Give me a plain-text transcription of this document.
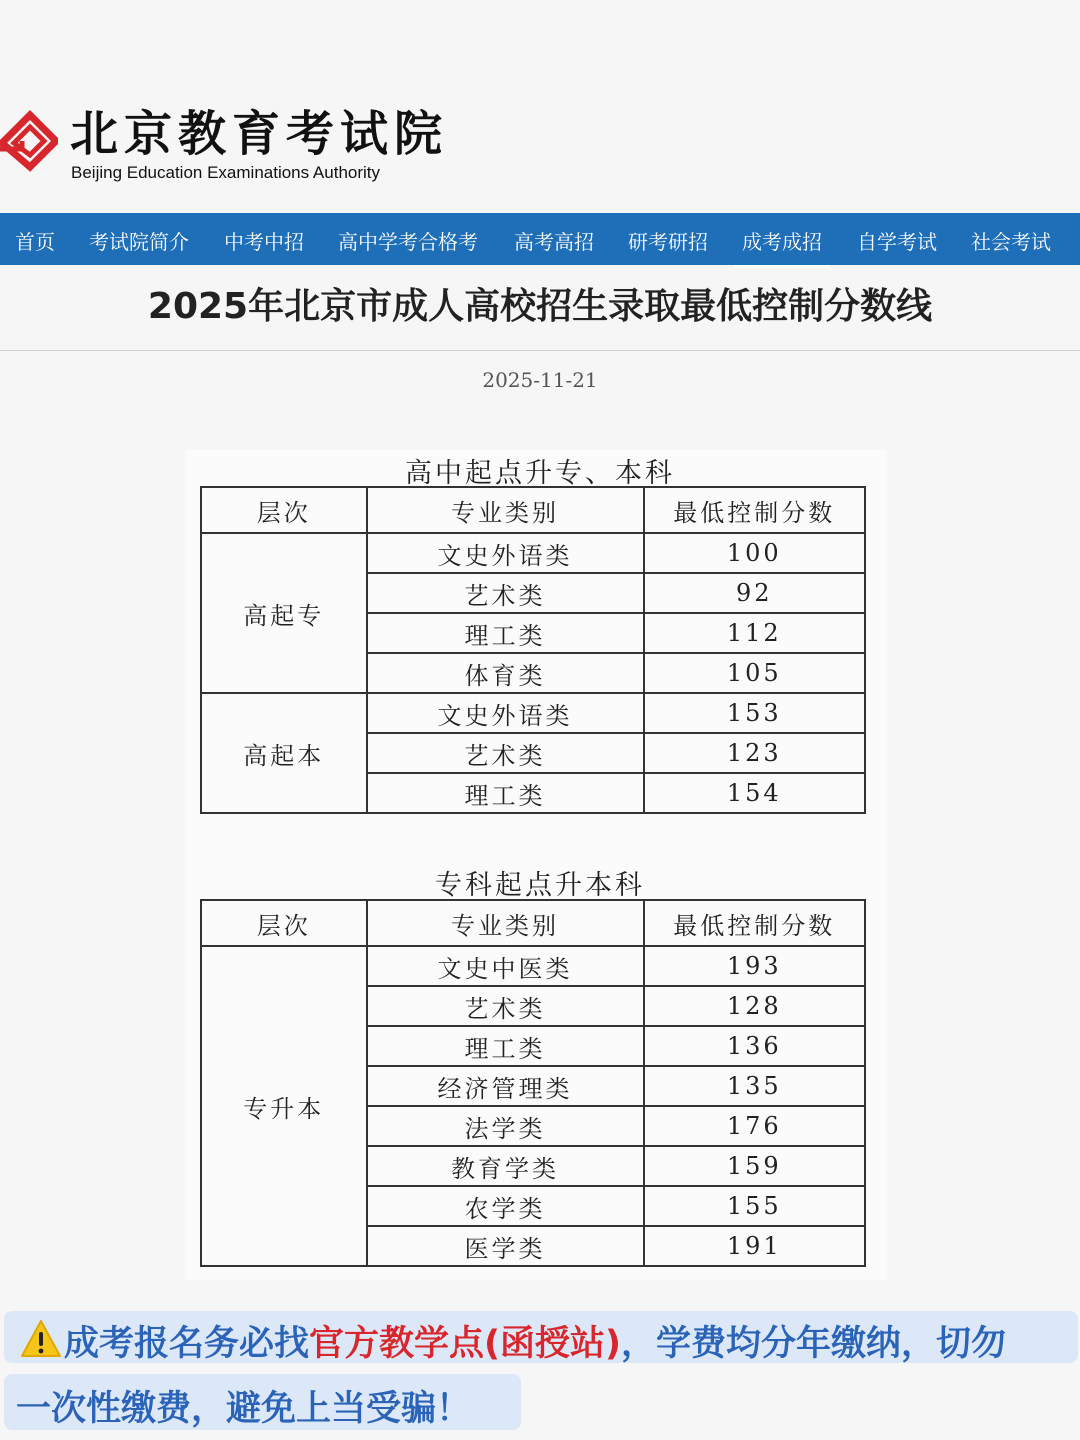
北京教育考试院
Beijing Education Examinations Authority
首页 考试院简介 中考中招 高中学考合格考 高考高招 研考研招 成考成招 自学考试 社会考试
2025年北京市成人高校招生录取最低控制分数线
2025-11-21
高中起点升专、本科
层次	专业类别	最低控制分数
高起专	文史外语类	100
	艺术类	92
	理工类	112
	体育类	105
高起本	文史外语类	153
	艺术类	123
	理工类	154
专科起点升本科
层次	专业类别	最低控制分数
专升本	文史中医类	193
	艺术类	128
	理工类	136
	经济管理类	135
	法学类	176
	教育学类	159
	农学类	155
	医学类	191
成考报名务必找官方教学点(函授站)，学费均分年缴纳，切勿
一次性缴费，避免上当受骗！
